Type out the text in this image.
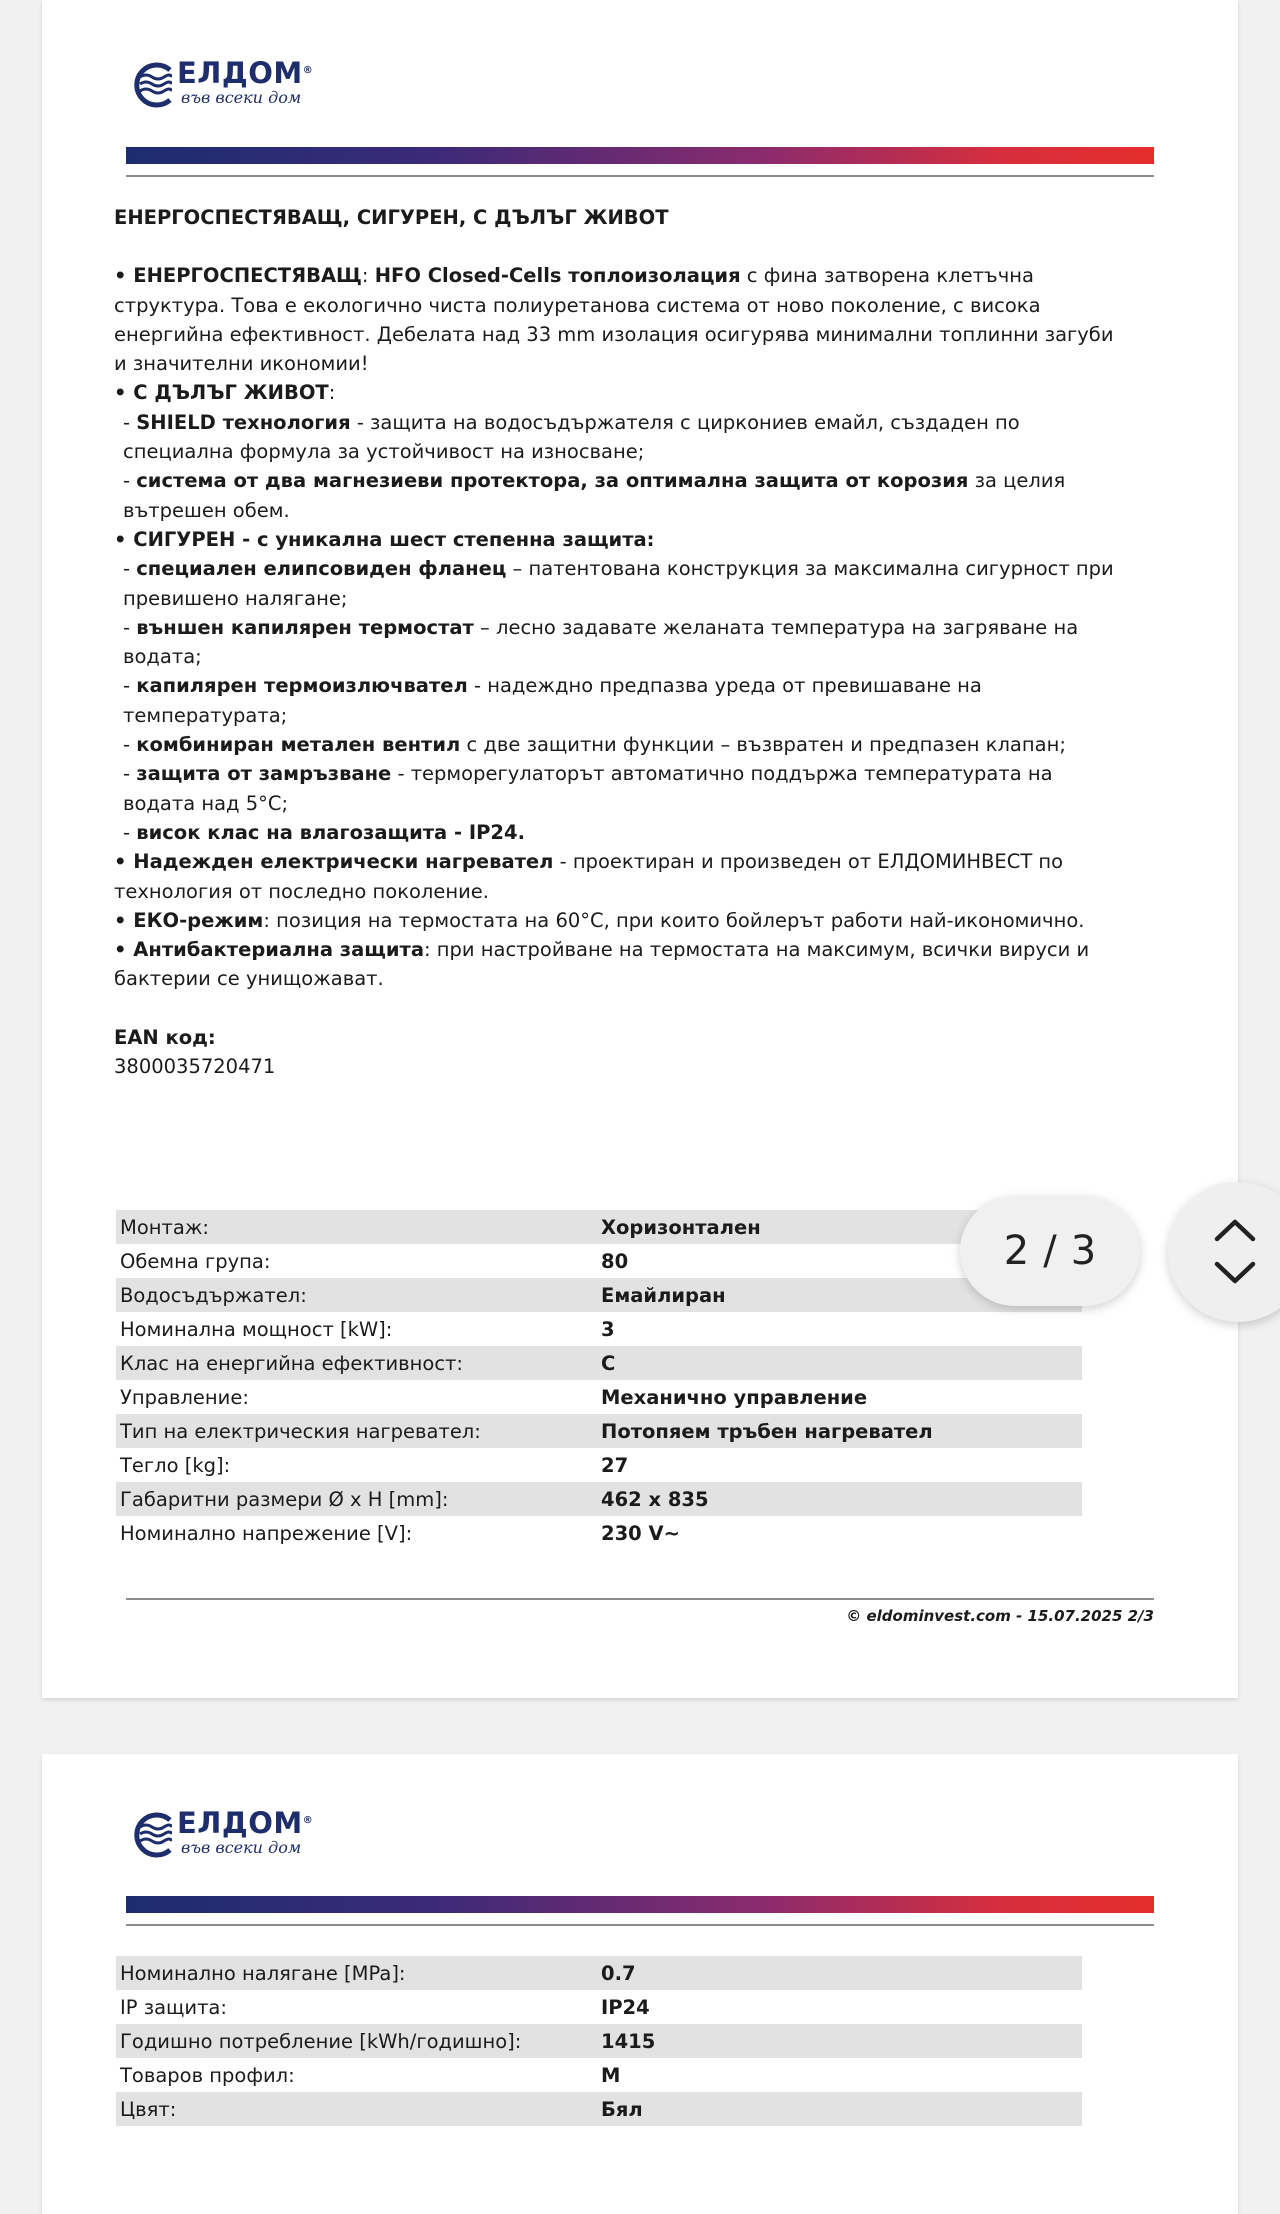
ЕЛДОМ®
във всеки дом

ЕНЕРГОСПЕСТЯВАЩ, СИГУРЕН, С ДЪЛЪГ ЖИВОТ

• ЕНЕРГОСПЕСТЯВАЩ: HFO Closed-Cells топлоизолация с фина затворена клетъчна структура. Това е екологично чиста полиуретанова система от ново поколение, с висока енергийна ефективност. Дебелата над 33 mm изолация осигурява минимални топлинни загуби и значителни икономии!

• С ДЪЛЪГ ЖИВОТ:

- SHIELD технология - защита на водосъдържателя с циркониев емайл, създаден по специална формула за устойчивост на износване;

- система от два магнезиеви протектора, за оптимална защита от корозия за целия вътрешен обем.

• СИГУРЕН - с уникална шест степенна защита:

- специален елипсовиден фланец – патентована конструкция за максимална сигурност при превишено налягане;

- външен капилярен термостат – лесно задавате желаната температура на загряване на водата;

- капилярен термоизлючвател - надеждно предпазва уреда от превишаване на температурата;

- комбиниран метален вентил с две защитни функции – възвратен и предпазен клапан;

- защита от замръзване - терморегулаторът автоматично поддържа температурата на водата над 5°C;

- висок клас на влагозащита - IP24.

• Надежден електрически нагревател - проектиран и произведен от ЕЛДОМИНВЕСТ по технология от последно поколение.

• ЕКО-режим: позиция на термостата на 60°C, при които бойлерът работи най-икономично.

• Антибактериална защита: при настройване на термостата на максимум, всички вируси и бактерии се унищожават.

EAN код:

3800035720471

Монтаж:	Хоризонтален
Обемна група:	80
Водосъдържател:	Емайлиран
Номинална мощност [kW]:	3
Клас на енергийна ефективност:	C
Управление:	Механично управление
Тип на електрическия нагревател:	Потопяем тръбен нагревател
Тегло [kg]:	27
Габаритни размери Ø x H [mm]:	462 x 835
Номинално напрежение [V]:	230 V~
© eldominvest.com - 15.07.2025 2/3
ЕЛДОМ®
във всеки дом
Номинално налягане [MPa]:	0.7
IP защита:	IP24
Годишно потребление [kWh/годишно]:	1415
Товаров профил:	M
Цвят:	Бял
2 / 3
